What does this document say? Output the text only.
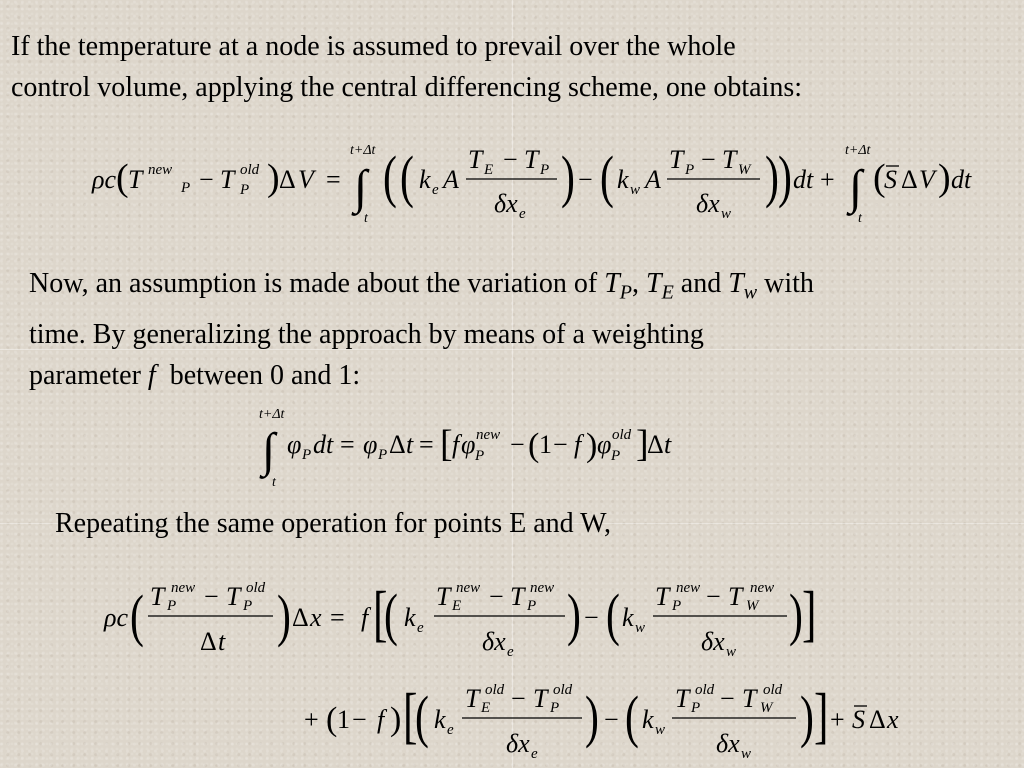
If the temperature at a node is assumed to prevail over the whole
control volume, applying the central differencing scheme, one obtains:
ρc ( T new
P − T old
P ) Δ V =
t+Δt
∫
t
( ( k e A
T E − T P
δx e
) − ( k w A
T P − T W
δx w
) ) dt +
t+Δt
∫
t
(
S Δ V ) dt
Now, an assumption is made about the variation of $T_P$, $T_E$ and $T_w$ with
time. By generalizing the approach by means of a weighting
parameter f  between 0 and 1:
t+Δt
∫
t
φ P dt = φ P Δ t = [ f φ new
P − ( 1 − f ) φ old
P ]
Δ t
Repeating the same operation for points E and W,
ρc ( T new
P − T old
P
Δ t ) Δ x = f [
( k e
T new
E − T new
P
δx e
) − ( k w
T new
P − T new
W
δx w
) ]
+ ( 1 − f ) [
( k e
T old
E − T old
P
δx e
) − ( k w
T old
P − T old
W
δx w
) ] + S Δ x
